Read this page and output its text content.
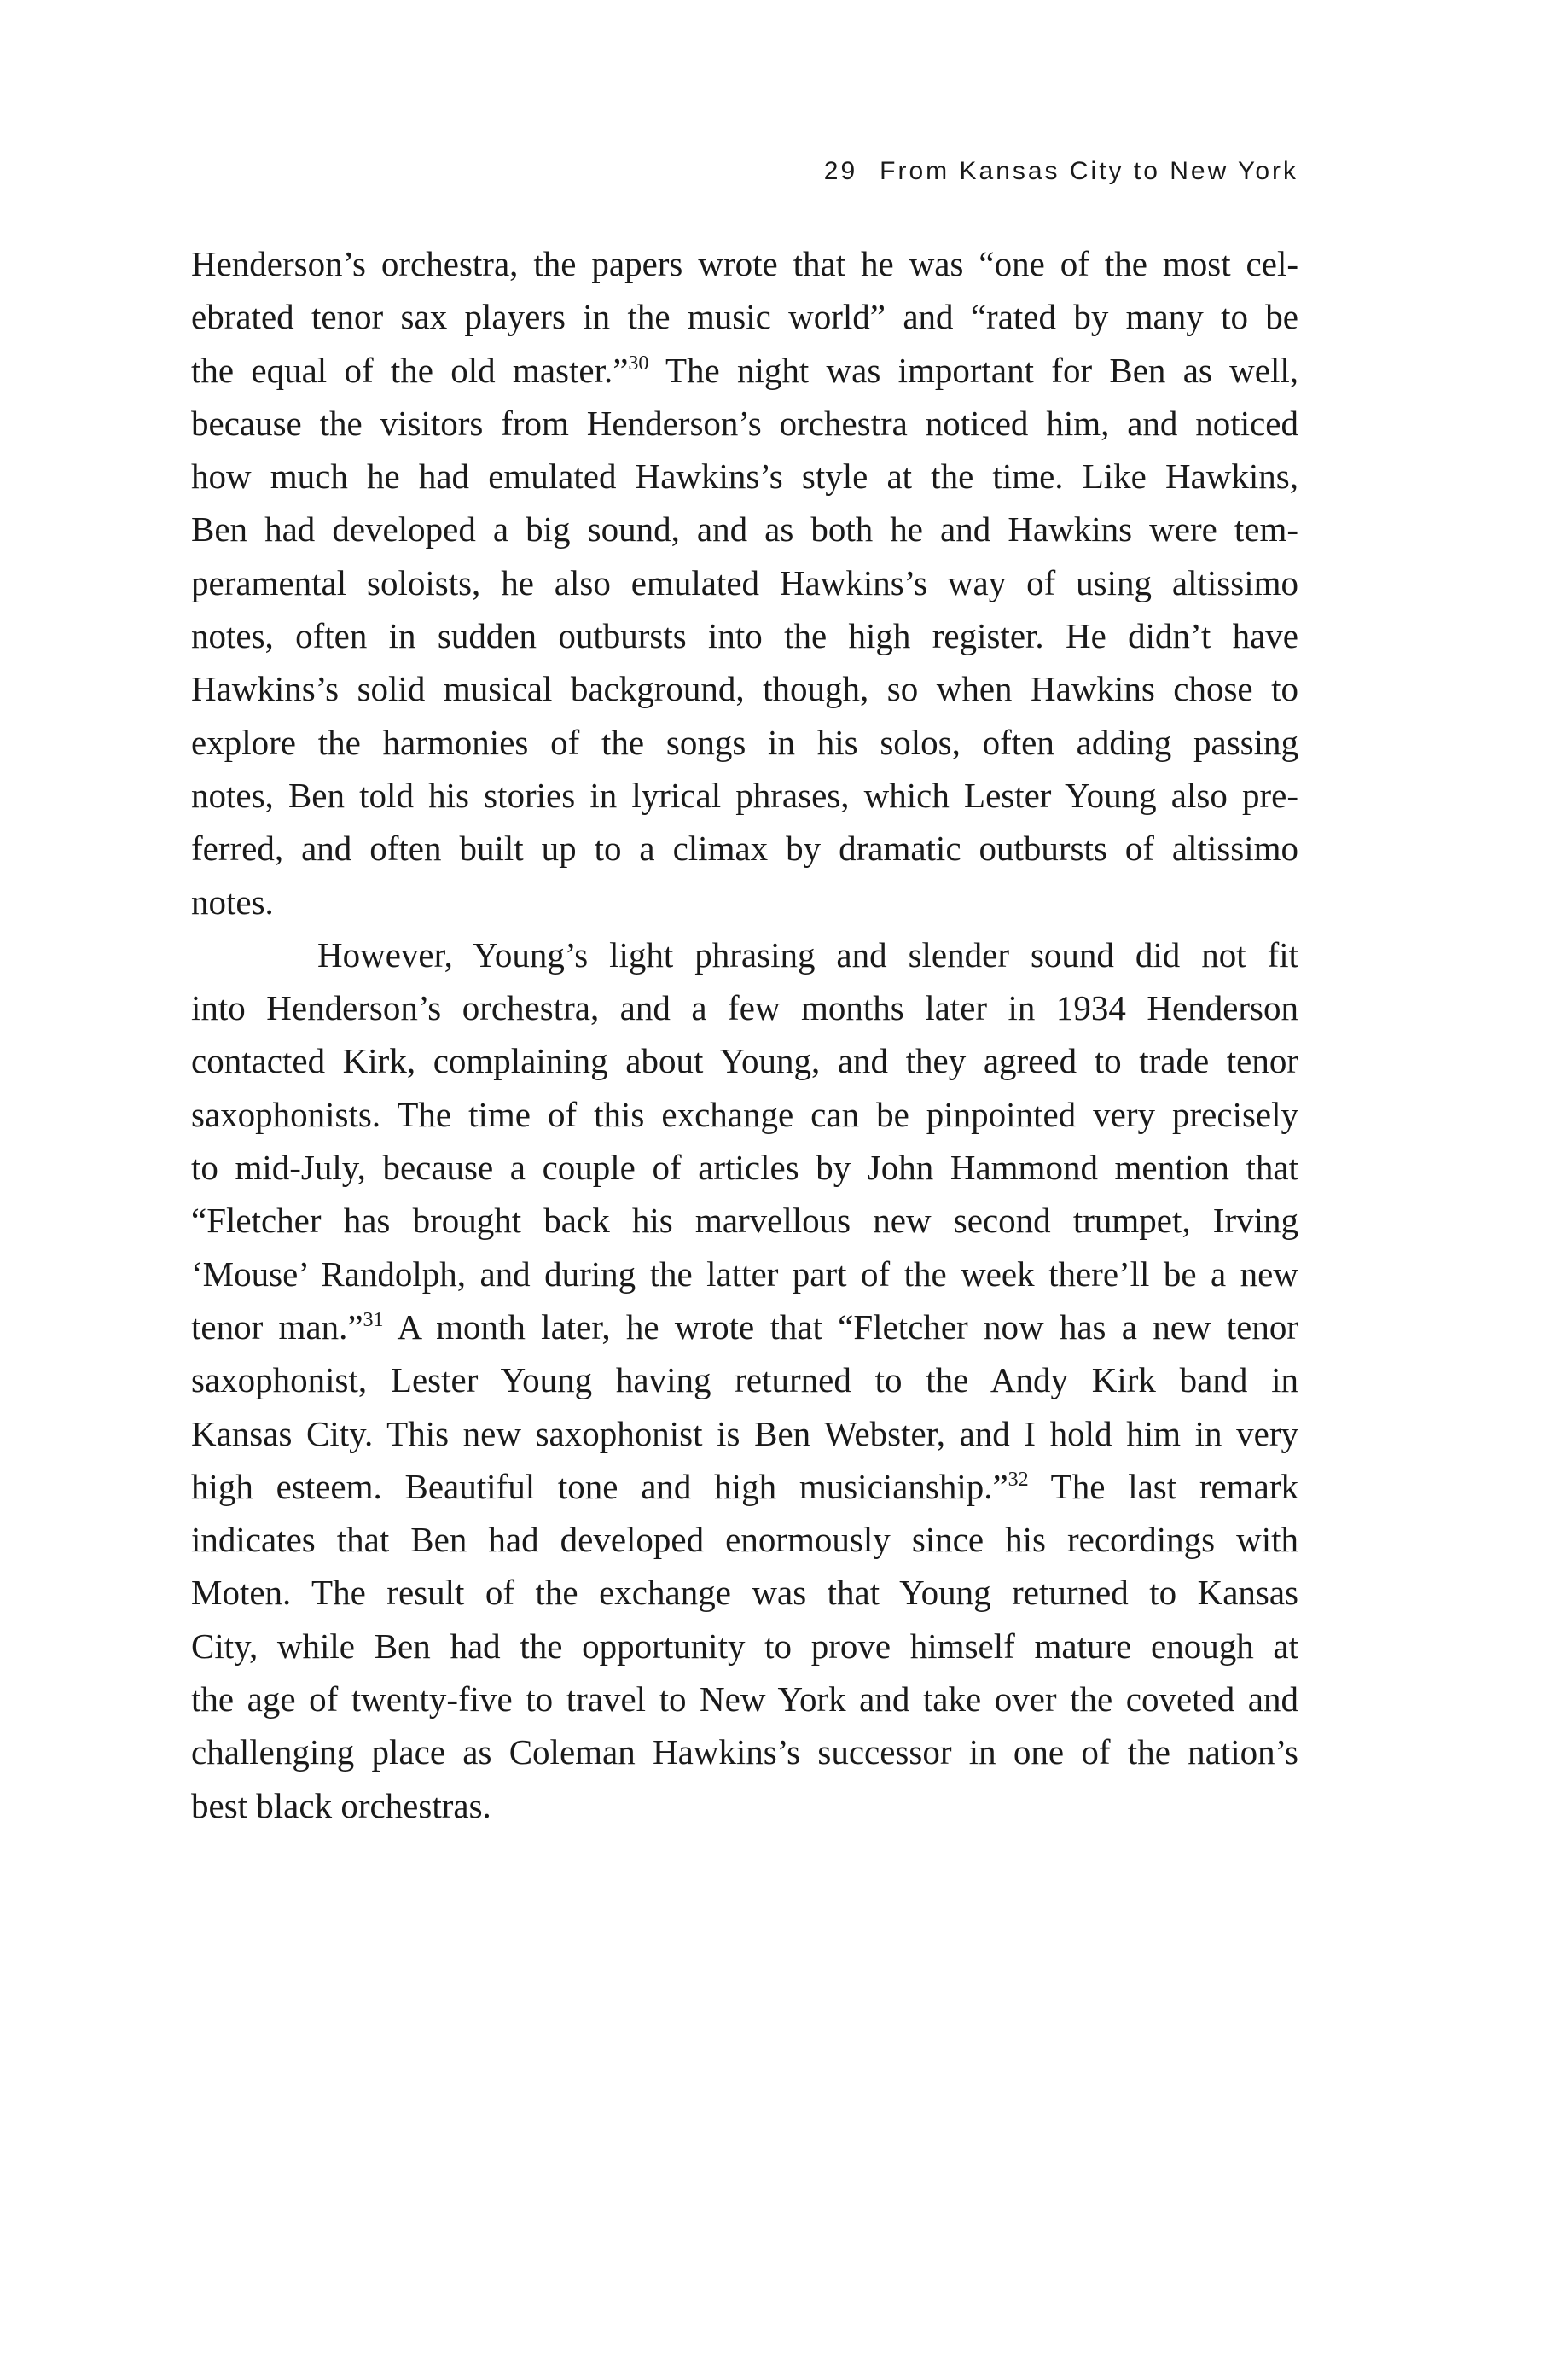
29 From Kansas City to New York
Henderson’s orchestra, the papers wrote that he was “one of the most cel-
ebrated tenor sax players in the music world” and “rated by many to be
the equal of the old master.”$^{30}$ The night was important for Ben as well,
because the visitors from Henderson’s orchestra noticed him, and noticed
how much he had emulated Hawkins’s style at the time. Like Hawkins,
Ben had developed a big sound, and as both he and Hawkins were tem-
peramental soloists, he also emulated Hawkins’s way of using altissimo
notes, often in sudden outbursts into the high register. He didn’t have
Hawkins’s solid musical background, though, so when Hawkins chose to
explore the harmonies of the songs in his solos, often adding passing
notes, Ben told his stories in lyrical phrases, which Lester Young also pre-
ferred, and often built up to a climax by dramatic outbursts of altissimo
notes.
However, Young’s light phrasing and slender sound did not fit
into Henderson’s orchestra, and a few months later in 1934 Henderson
contacted Kirk, complaining about Young, and they agreed to trade tenor
saxophonists. The time of this exchange can be pinpointed very precisely
to mid-July, because a couple of articles by John Hammond mention that
“Fletcher has brought back his marvellous new second trumpet, Irving
‘Mouse’ Randolph, and during the latter part of the week there’ll be a new
tenor man.”$^{31}$ A month later, he wrote that “Fletcher now has a new tenor
saxophonist, Lester Young having returned to the Andy Kirk band in
Kansas City. This new saxophonist is Ben Webster, and I hold him in very
high esteem. Beautiful tone and high musicianship.”$^{32}$ The last remark
indicates that Ben had developed enormously since his recordings with
Moten. The result of the exchange was that Young returned to Kansas
City, while Ben had the opportunity to prove himself mature enough at
the age of twenty-five to travel to New York and take over the coveted and
challenging place as Coleman Hawkins’s successor in one of the nation’s
best black orchestras.
